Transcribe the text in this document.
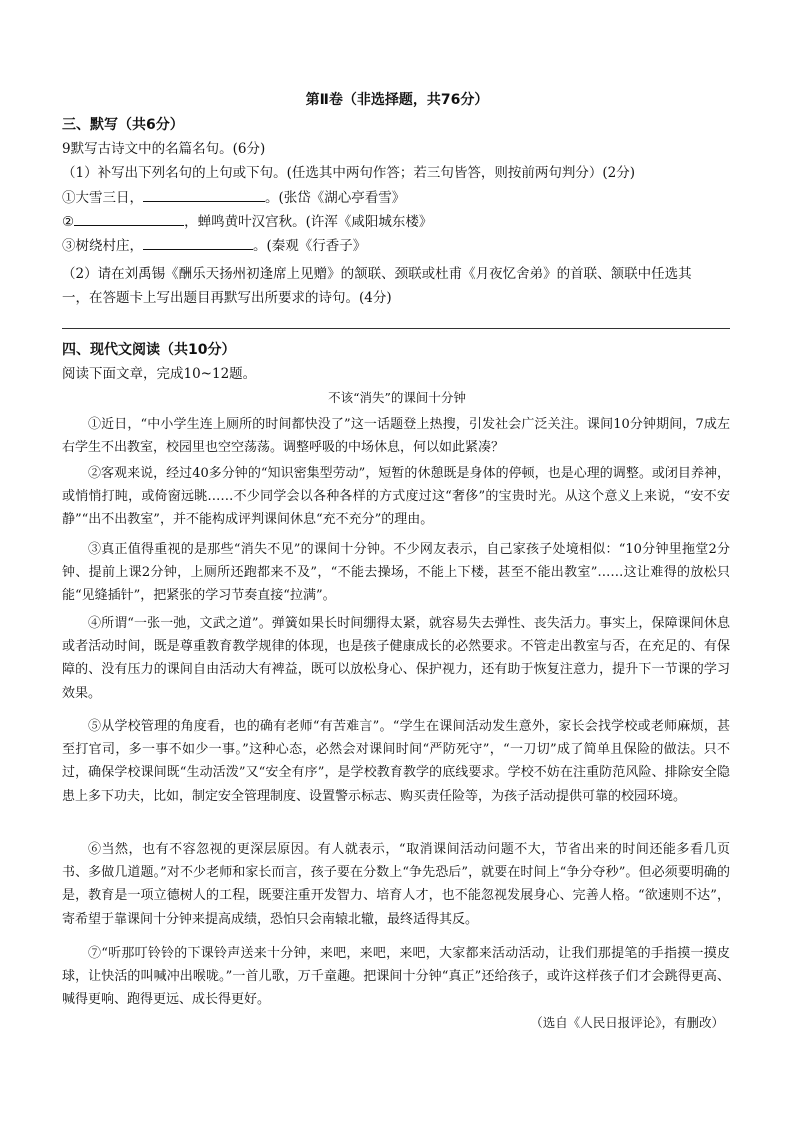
第Ⅱ卷（非选择题，共76分）
三、默写（共6分）
9默写古诗文中的名篇名句。(6分)
（1）补写出下列名句的上句或下句。(任选其中两句作答；若三句皆答，则按前两句判分）(2分)
①大雪三日，	。(张岱《湖心亭看雪》
②	，蝉鸣黄叶汉宫秋。(许浑《咸阳城东楼》
③树绕村庄，	。(秦观《行香子》
（2）请在刘禹锡《酬乐天扬州初逢席上见赠》的颔联、颈联或杜甫《月夜忆舍弟》的首联、颔联中任选其
一，在答题卡上写出题目再默写出所要求的诗句。(4分)
四、现代文阅读（共10分）
阅读下面文章，完成10~12题。
不该“消失”的课间十分钟
①近日，“中小学生连上厕所的时间都快没了”这一话题登上热搜，引发社会广泛关注。课间10分钟期间，7成左右学生不出教室，校园里也空空荡荡。调整呼吸的中场休息，何以如此紧凑？
②客观来说，经过40多分钟的“知识密集型劳动”，短暂的休憩既是身体的停顿，也是心理的调整。或闭目养神，或悄悄打盹，或倚窗远眺……不少同学会以各种各样的方式度过这“奢侈”的宝贵时光。从这个意义上来说，“安不安静”“出不出教室”，并不能构成评判课间休息“充不充分”的理由。
③真正值得重视的是那些“消失不见”的课间十分钟。不少网友表示，自己家孩子处境相似：“10分钟里拖堂2分钟、提前上课2分钟，上厕所还跑都来不及”，“不能去操场，不能上下楼，甚至不能出教室”……这让难得的放松只能“见缝插针”，把紧张的学习节奏直接“拉满”。
④所谓“一张一弛，文武之道”。弹簧如果长时间绷得太紧，就容易失去弹性、丧失活力。事实上，保障课间休息或者活动时间，既是尊重教育教学规律的体现，也是孩子健康成长的必然要求。不管走出教室与否，在充足的、有保障的、没有压力的课间自由活动大有裨益，既可以放松身心、保护视力，还有助于恢复注意力，提升下一节课的学习效果。
⑤从学校管理的角度看，也的确有老师“有苦难言”。“学生在课间活动发生意外，家长会找学校或老师麻烦，甚至打官司，多一事不如少一事。”这种心态，必然会对课间时间“严防死守”，“一刀切”成了简单且保险的做法。只不过，确保学校课间既“生动活泼”又“安全有序”，是学校教育教学的底线要求。学校不妨在注重防范风险、排除安全隐患上多下功夫，比如，制定安全管理制度、设置警示标志、购买责任险等，为孩子活动提供可靠的校园环境。
⑥当然，也有不容忽视的更深层原因。有人就表示，“取消课间活动问题不大，节省出来的时间还能多看几页书、多做几道题。”对不少老师和家长而言，孩子要在分数上“争先恐后”，就要在时间上“争分夺秒”。但必须要明确的是，教育是一项立德树人的工程，既要注重开发智力、培育人才，也不能忽视发展身心、完善人格。“欲速则不达”，寄希望于靠课间十分钟来提高成绩，恐怕只会南辕北辙，最终适得其反。
⑦“听那叮铃铃的下课铃声送来十分钟，来吧，来吧，来吧，大家都来活动活动，让我们那提笔的手指摸一摸皮球，让快活的叫喊冲出喉咙。”一首儿歌，万千童趣。把课间十分钟“真正”还给孩子，或许这样孩子们才会跳得更高、喊得更响、跑得更远、成长得更好。
（选自《人民日报评论》，有删改）
